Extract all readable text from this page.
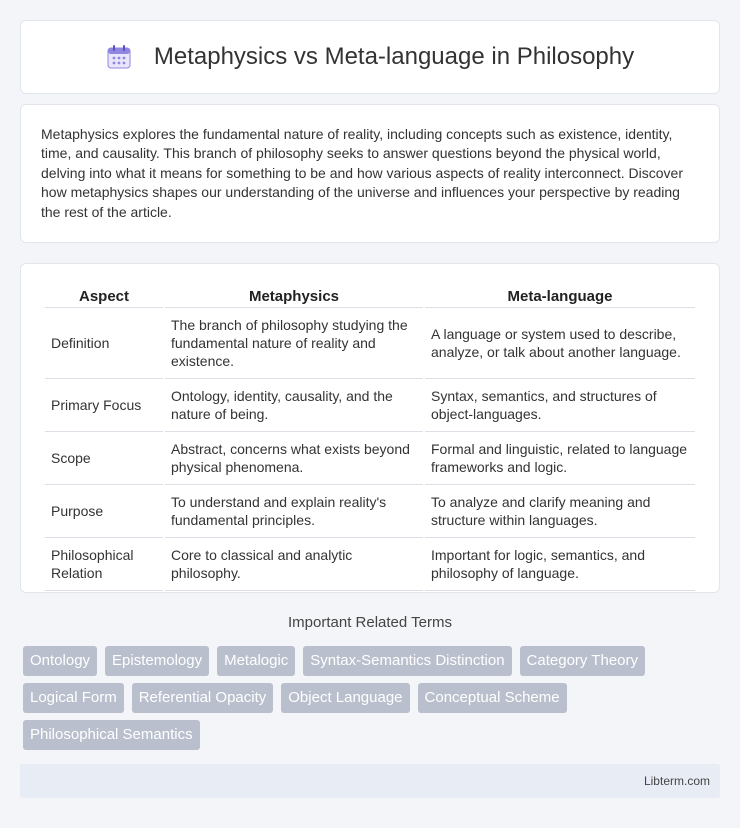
Metaphysics vs Meta-language in Philosophy

Metaphysics explores the fundamental nature of reality, including concepts such as existence, identity, time, and causality. This branch of philosophy seeks to answer questions beyond the physical world, delving into what it means for something to be and how various aspects of reality interconnect. Discover how metaphysics shapes our understanding of the universe and influences your perspective by reading the rest of the article.

Aspect	Metaphysics	Meta-language
Definition	The branch of philosophy studying the fundamental nature of reality and existence.	A language or system used to describe, analyze, or talk about another language.
Primary Focus	Ontology, identity, causality, and the nature of being.	Syntax, semantics, and structures of object-languages.
Scope	Abstract, concerns what exists beyond physical phenomena.	Formal and linguistic, related to language frameworks and logic.
Purpose	To understand and explain reality's fundamental principles.	To analyze and clarify meaning and structure within languages.
Philosophical Relation	Core to classical and analytic philosophy.	Important for logic, semantics, and philosophy of language.
Important Related Terms
Ontology	Epistemology	Metalogic	Syntax-Semantics Distinction	Category Theory
Logical Form	Referential Opacity	Object Language	Conceptual Scheme
Philosophical Semantics
Libterm.com
